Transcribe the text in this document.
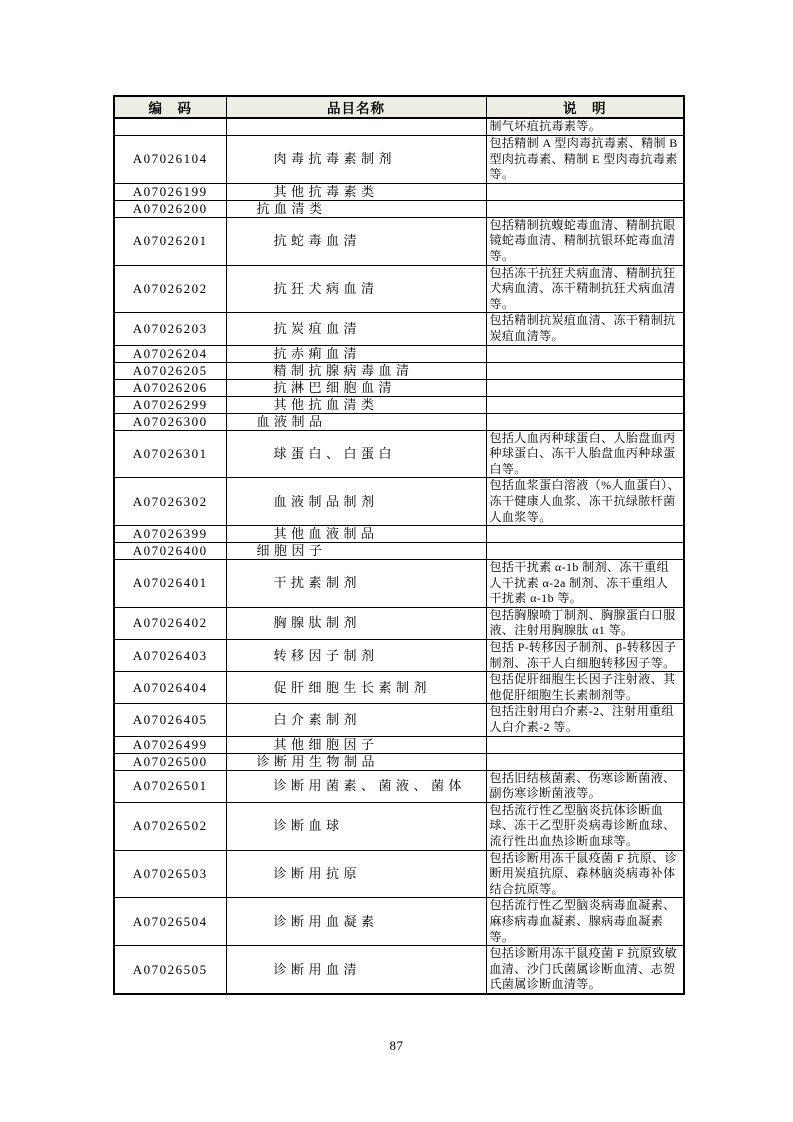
编　码	品目名称	说　明
		制气坏疽抗毒素等。
A07026104	肉毒抗毒素制剂	包括精制 A 型肉毒抗毒素、精制 B 型肉抗毒素、精制 E 型肉毒抗毒素等。
A07026199	其他抗毒素类	
A07026200	抗血清类	
A07026201	抗蛇毒血清	包括精制抗蝮蛇毒血清、精制抗眼镜蛇毒血清、精制抗银环蛇毒血清等。
A07026202	抗狂犬病血清	包括冻干抗狂犬病血清、精制抗狂犬病血清、冻干精制抗狂犬病血清等。
A07026203	抗炭疽血清	包括精制抗炭疽血清、冻干精制抗炭疽血清等。
A07026204	抗赤痢血清	
A07026205	精制抗腺病毒血清	
A07026206	抗淋巴细胞血清	
A07026299	其他抗血清类	
A07026300	血液制品	
A07026301	球蛋白、白蛋白	包括人血丙种球蛋白、人胎盘血丙种球蛋白、冻干人胎盘血丙种球蛋白等。
A07026302	血液制品制剂	包括血浆蛋白溶液（%人血蛋白）、冻干健康人血浆、冻干抗绿脓杆菌人血浆等。
A07026399	其他血液制品	
A07026400	细胞因子	
A07026401	干扰素制剂	包括干扰素 α-1b 制剂、冻干重组人干扰素 α-2a 制剂、冻干重组人干扰素 α-1b 等。
A07026402	胸腺肽制剂	包括胸腺喷丁制剂、胸腺蛋白口服液、注射用胸腺肽 α1 等。
A07026403	转移因子制剂	包括 P-转移因子制剂、β-转移因子制剂、冻干人白细胞转移因子等。
A07026404	促肝细胞生长素制剂	包括促肝细胞生长因子注射液、其他促肝细胞生长素制剂等。
A07026405	白介素制剂	包括注射用白介素-2、注射用重组人白介素-2 等。
A07026499	其他细胞因子	
A07026500	诊断用生物制品	
A07026501	诊断用菌素、菌液、菌体	包括旧结核菌素、伤寒诊断菌液、副伤寒诊断菌液等。
A07026502	诊断血球	包括流行性乙型脑炎抗体诊断血球、冻干乙型肝炎病毒诊断血球、流行性出血热诊断血球等。
A07026503	诊断用抗原	包括诊断用冻干鼠疫菌 F 抗原、诊断用炭疽抗原、森林脑炎病毒补体结合抗原等。
A07026504	诊断用血凝素	包括流行性乙型脑炎病毒血凝素、麻疹病毒血凝素、腺病毒血凝素等。
A07026505	诊断用血清	包括诊断用冻干鼠疫菌 F 抗原致敏血清、沙门氏菌属诊断血清、志贺氏菌属诊断血清等。
87
